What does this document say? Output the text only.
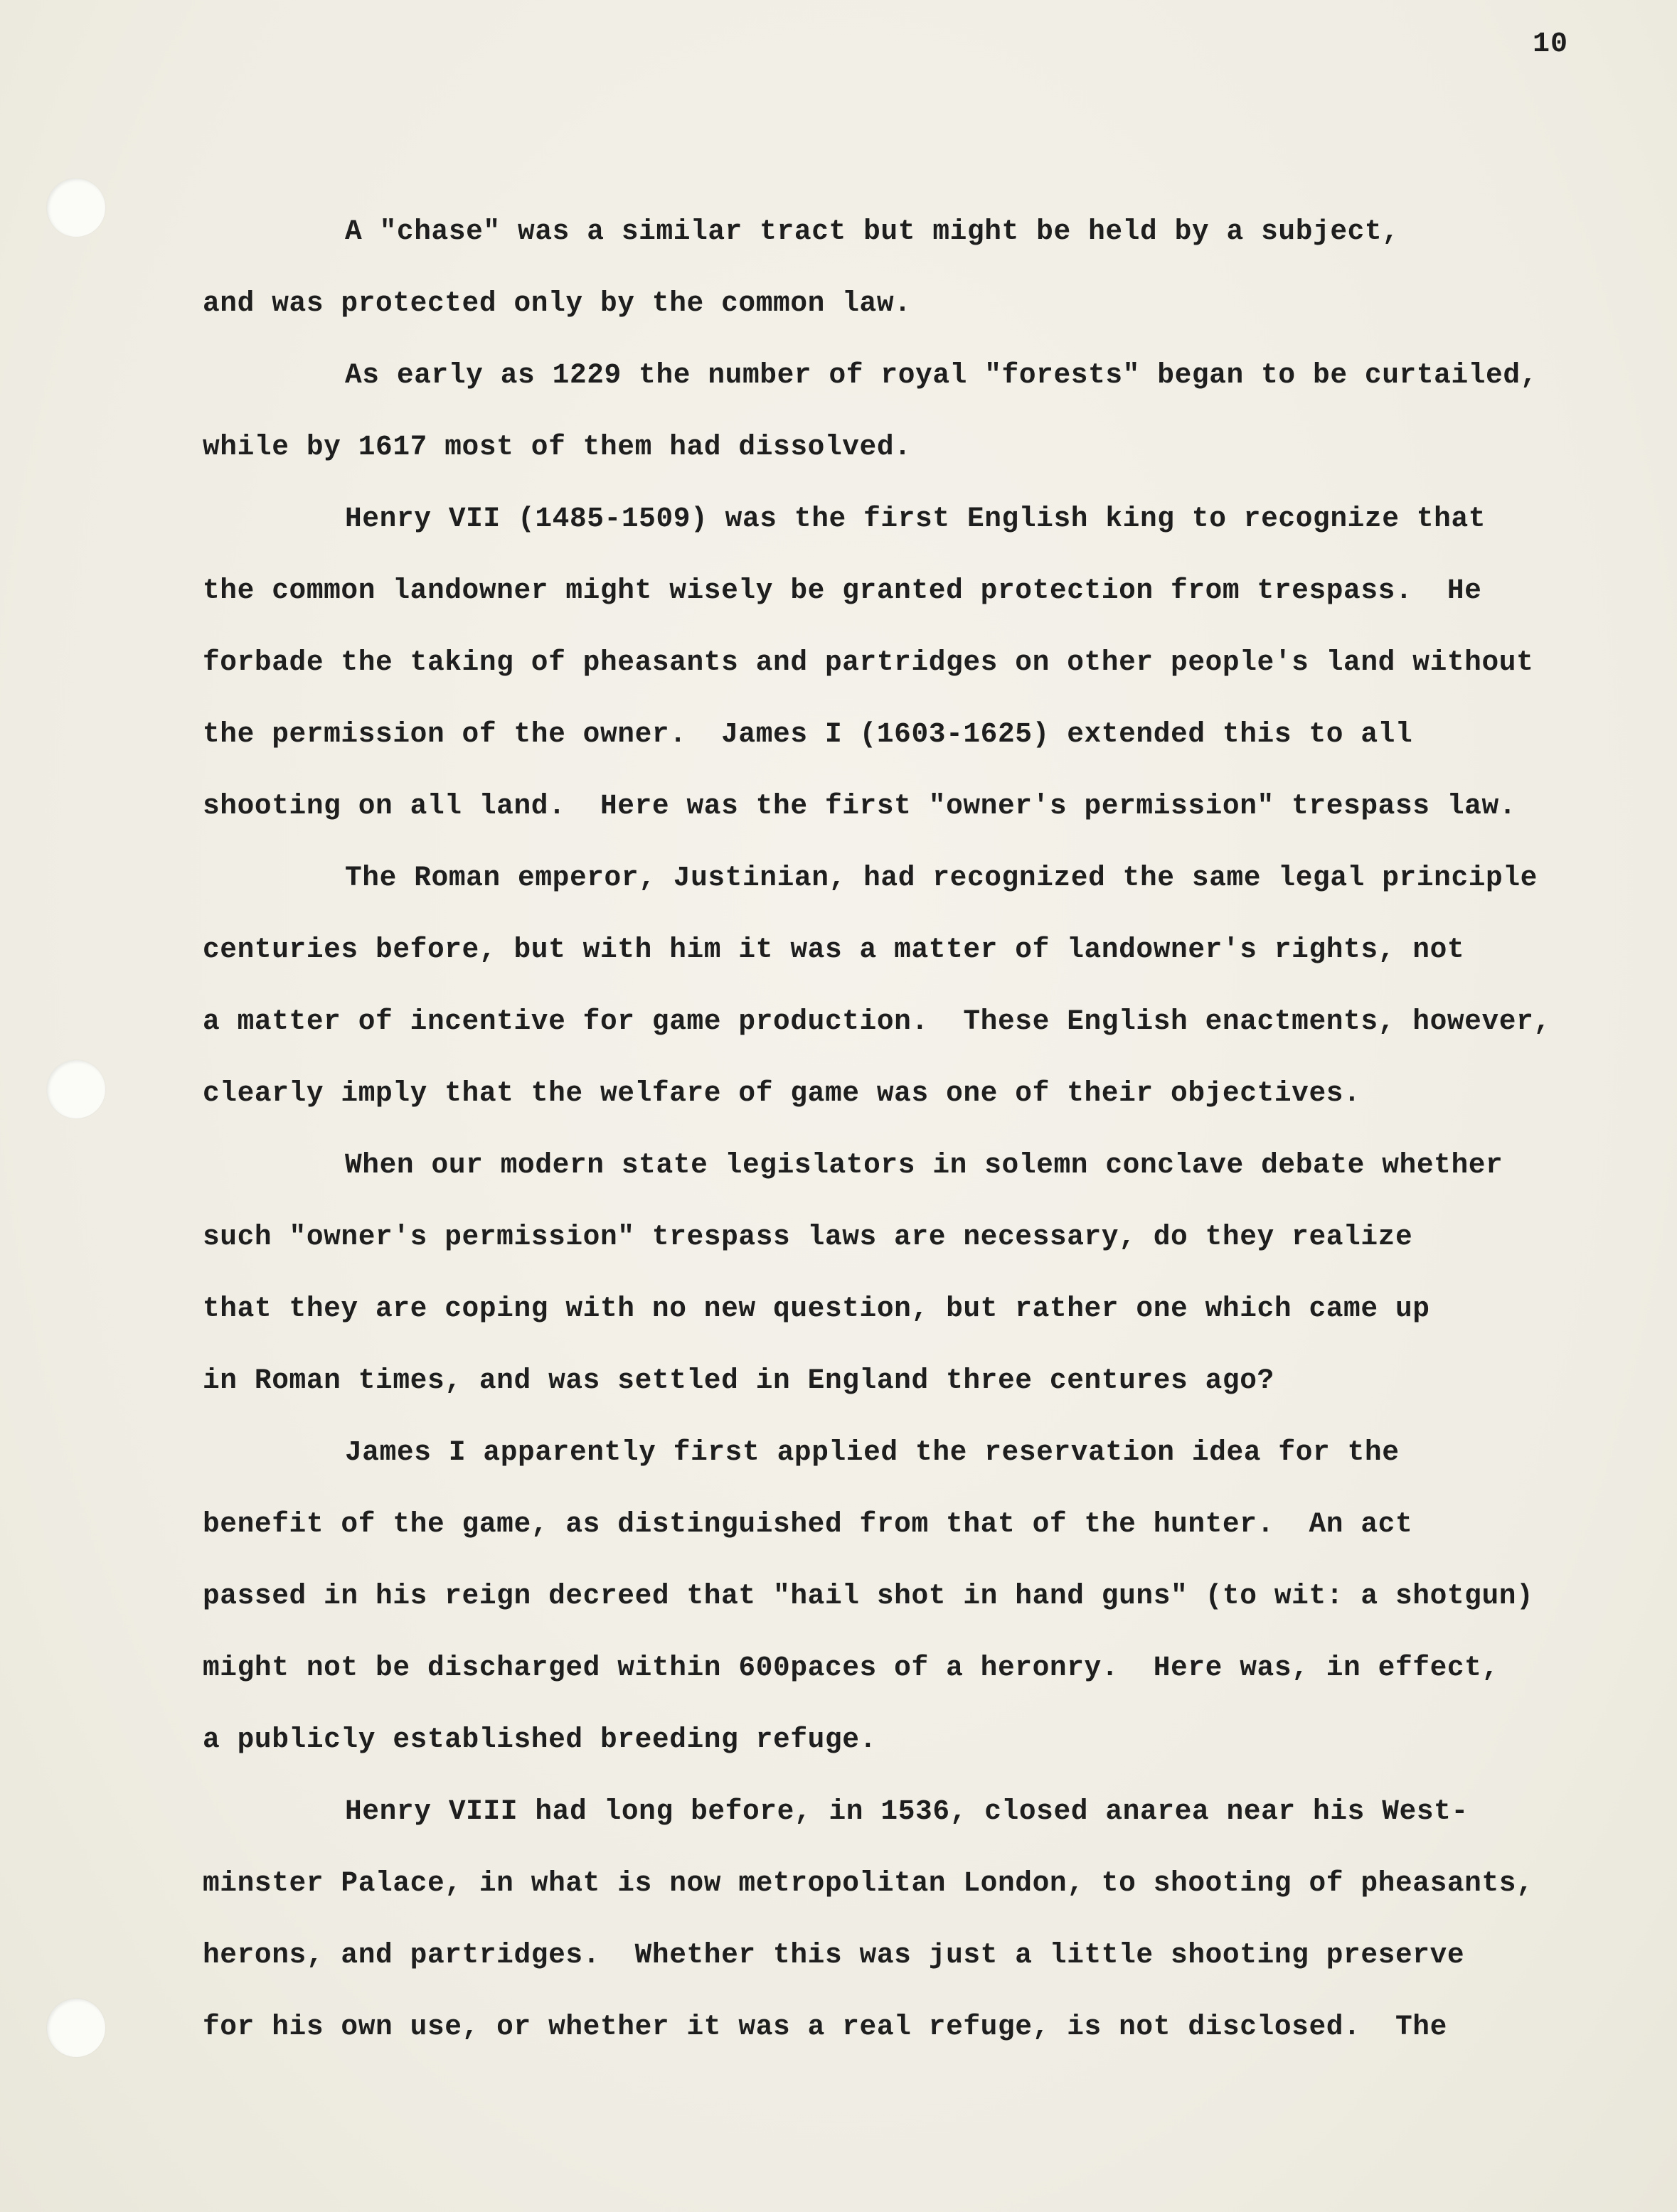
10
A "chase" was a similar tract but might be held by a subject,
and was protected only by the common law.
As early as 1229 the number of royal "forests" began to be curtailed,
while by 1617 most of them had dissolved.
Henry VII (1485-1509) was the first English king to recognize that
the common landowner might wisely be granted protection from trespass.  He
forbade the taking of pheasants and partridges on other people's land without
the permission of the owner.  James I (1603-1625) extended this to all
shooting on all land.  Here was the first "owner's permission" trespass law.
The Roman emperor, Justinian, had recognized the same legal principle
centuries before, but with him it was a matter of landowner's rights, not
a matter of incentive for game production.  These English enactments, however,
clearly imply that the welfare of game was one of their objectives.
When our modern state legislators in solemn conclave debate whether
such "owner's permission" trespass laws are necessary, do they realize
that they are coping with no new question, but rather one which came up
in Roman times, and was settled in England three centures ago?
James I apparently first applied the reservation idea for the
benefit of the game, as distinguished from that of the hunter.  An act
passed in his reign decreed that "hail shot in hand guns" (to wit: a shotgun)
might not be discharged within 600paces of a heronry.  Here was, in effect,
a publicly established breeding refuge.
Henry VIII had long before, in 1536, closed anarea near his West-
minster Palace, in what is now metropolitan London, to shooting of pheasants,
herons, and partridges.  Whether this was just a little shooting preserve
for his own use, or whether it was a real refuge, is not disclosed.  The
